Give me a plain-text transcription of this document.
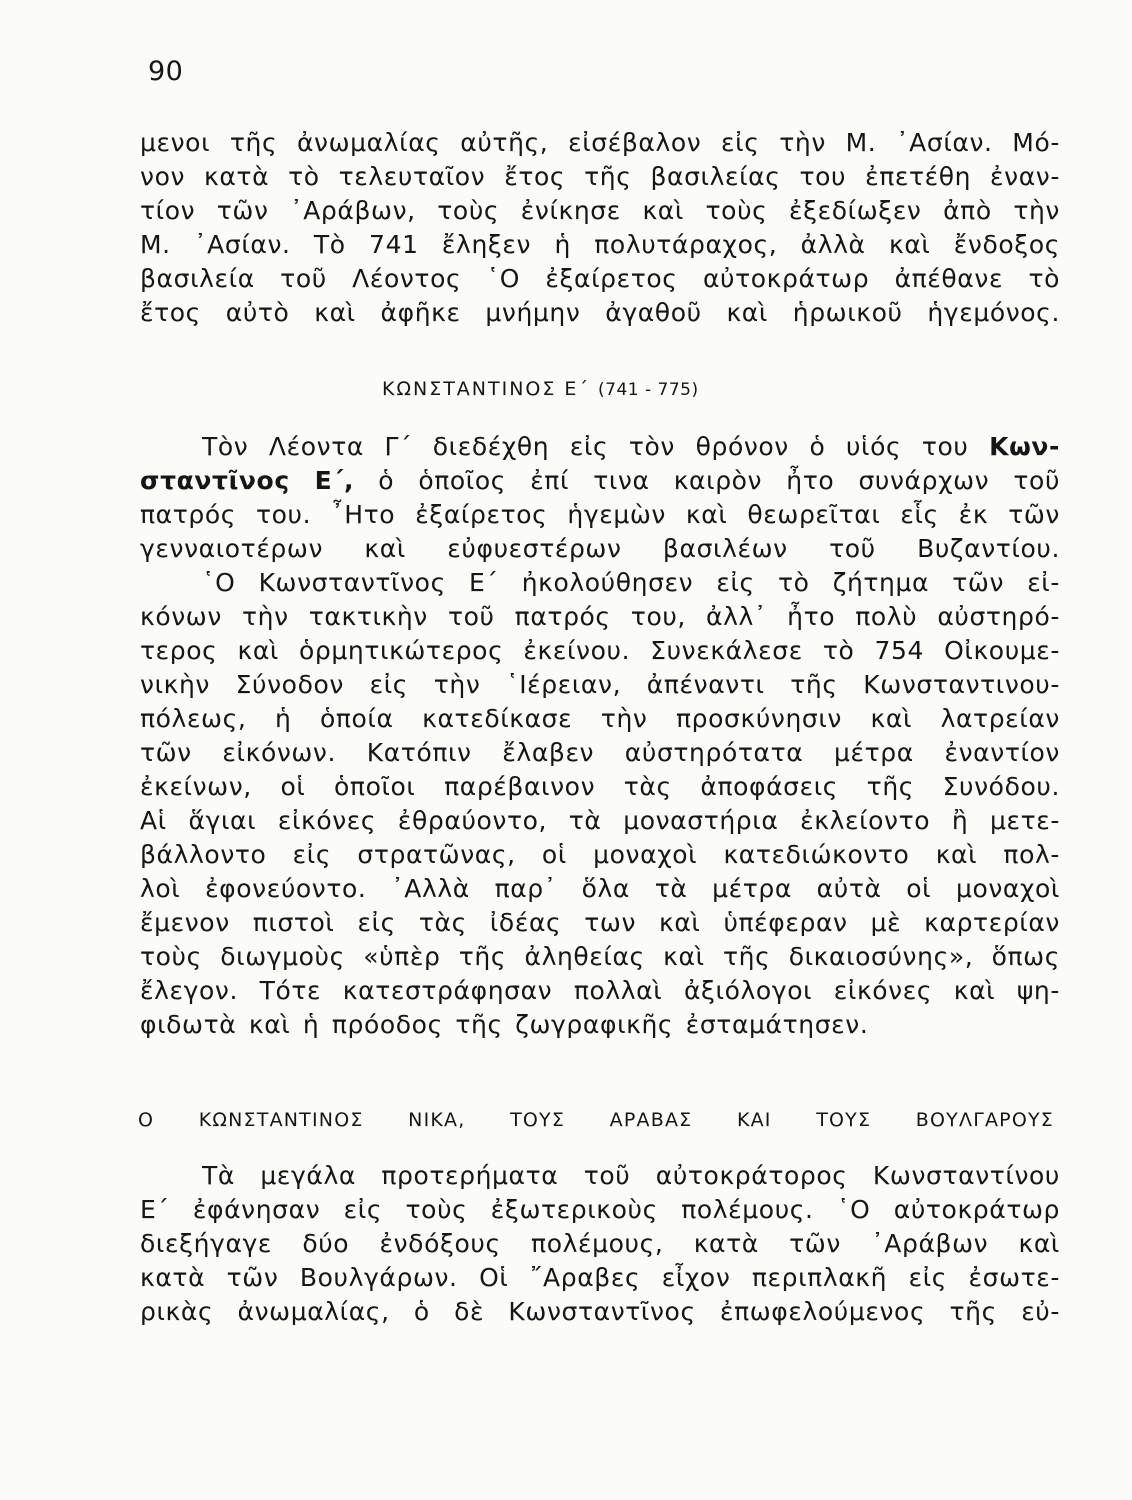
90
μενοι τῆς ἀνωμαλίας αὐτῆς, εἰσέβαλον εἰς τὴν Μ. ᾿Ασίαν. Μό-
νον κατὰ τὸ τελευταῖον ἔτος τῆς βασιλείας του ἐπετέθη ἐναν-
τίον τῶν ᾿Αράβων, τοὺς ἐνίκησε καὶ τοὺς ἐξεδίωξεν ἀπὸ τὴν
Μ. ᾿Ασίαν. Τὸ 741 ἔληξεν ἡ πολυτάραχος, ἀλλὰ καὶ ἔνδοξος
βασιλεία τοῦ Λέοντος ῾Ο ἐξαίρετος αὐτοκράτωρ ἀπέθανε τὸ
ἔτος αὐτὸ καὶ ἀφῆκε μνήμην ἀγαθοῦ καὶ ἡρωικοῦ ἡγεμόνος.
ΚΩΝΣΤΑΝΤΙΝΟΣ Ε΄ (741 - 775)
Τὸν Λέοντα Γ΄ διεδέχθη εἰς τὸν θρόνον ὁ υἱός του Κων-
σταντῖνος Ε΄, ὁ ὁποῖος ἐπί τινα καιρὸν ἦτο συνάρχων τοῦ
πατρός του. ῏Ητο ἐξαίρετος ἡγεμὼν καὶ θεωρεῖται εἷς ἐκ τῶν
γενναιοτέρων καὶ εὐφυεστέρων βασιλέων τοῦ Βυζαντίου.
῾Ο Κωνσταντῖνος Ε΄ ἠκολούθησεν εἰς τὸ ζήτημα τῶν εἰ-
κόνων τὴν τακτικὴν τοῦ πατρός του, ἀλλ᾿ ἦτο πολὺ αὐστηρό-
τερος καὶ ὁρμητικώτερος ἐκείνου. Συνεκάλεσε τὸ 754 Οἰκουμε-
νικὴν Σύνοδον εἰς τὴν ῾Ιέρειαν, ἀπέναντι τῆς Κωνσταντινου-
πόλεως, ἡ ὁποία κατεδίκασε τὴν προσκύνησιν καὶ λατρείαν
τῶν εἰκόνων. Κατόπιν ἔλαβεν αὐστηρότατα μέτρα ἐναντίον
ἐκείνων, οἱ ὁποῖοι παρέβαινον τὰς ἀποφάσεις τῆς Συνόδου.
Αἱ ἅγιαι εἰκόνες ἐθραύοντο, τὰ μοναστήρια ἐκλείοντο ἢ μετε-
βάλλοντο εἰς στρατῶνας, οἱ μοναχοὶ κατεδιώκοντο καὶ πολ-
λοὶ ἐφονεύοντο. ᾿Αλλὰ παρ᾿ ὅλα τὰ μέτρα αὐτὰ οἱ μοναχοὶ
ἔμενον πιστοὶ εἰς τὰς ἰδέας των καὶ ὑπέφεραν μὲ καρτερίαν
τοὺς διωγμοὺς «ὑπὲρ τῆς ἀληθείας καὶ τῆς δικαιοσύνης», ὅπως
ἔλεγον. Τότε κατεστράφησαν πολλαὶ ἀξιόλογοι εἰκόνες καὶ ψη-
φιδωτὰ καὶ ἡ πρόοδος τῆς ζωγραφικῆς ἐσταμάτησεν.
Ο ΚΩΝΣΤΑΝΤΙΝΟΣ ΝΙΚΑ, ΤΟΥΣ ΑΡΑΒΑΣ ΚΑΙ ΤΟΥΣ ΒΟΥΛΓΑΡΟΥΣ
Τὰ μεγάλα προτερήματα τοῦ αὐτοκράτορος Κωνσταντίνου
Ε΄ ἐφάνησαν εἰς τοὺς ἐξωτερικοὺς πολέμους. ῾Ο αὐτοκράτωρ
διεξήγαγε δύο ἐνδόξους πολέμους, κατὰ τῶν ᾿Αράβων καὶ
κατὰ τῶν Βουλγάρων. Οἱ ῎Αραβες εἶχον περιπλακῆ εἰς ἐσωτε-
ρικὰς ἀνωμαλίας, ὁ δὲ Κωνσταντῖνος ἐπωφελούμενος τῆς εὐ-
